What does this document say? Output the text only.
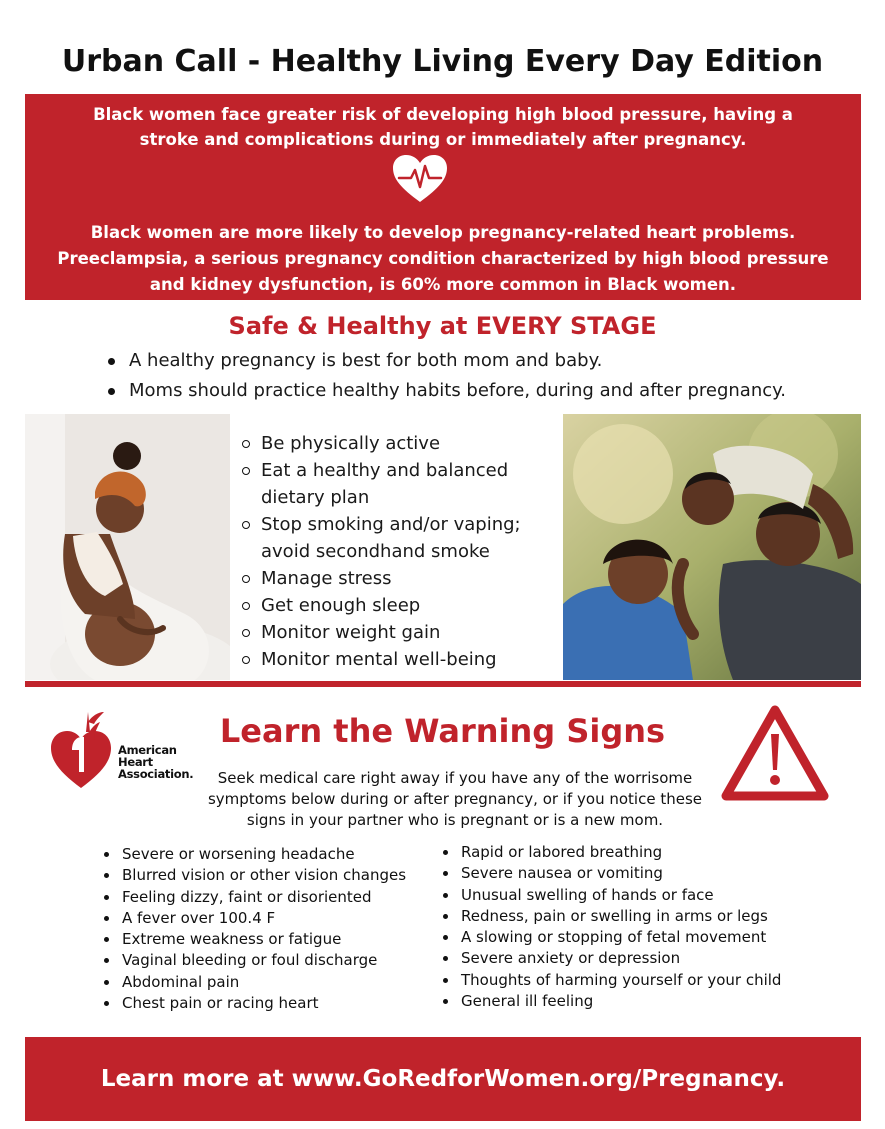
Urban Call - Healthy Living Every Day Edition
Black women face greater risk of developing high blood pressure, having a stroke and complications during or immediately after pregnancy.
Black women are more likely to develop pregnancy-related heart problems. Preeclampsia, a serious pregnancy condition characterized by high blood pressure and kidney dysfunction, is 60% more common in Black women.
Safe & Healthy at EVERY STAGE
A healthy pregnancy is best for both mom and baby.
Moms should practice healthy habits before, during and after pregnancy.
Be physically active
Eat a healthy and balanced dietary plan
Stop smoking and/or vaping; avoid secondhand smoke
Manage stress
Get enough sleep
Monitor weight gain
Monitor mental well-being
American
Heart
Association.
Learn the Warning Signs
Seek medical care right away if you have any of the worrisome symptoms below during or after pregnancy, or if you notice these signs in your partner who is pregnant or is a new mom.
Severe or worsening headache
Blurred vision or other vision changes
Feeling dizzy, faint or disoriented
A fever over 100.4 F
Extreme weakness or fatigue
Vaginal bleeding or foul discharge
Abdominal pain
Chest pain or racing heart
Rapid or labored breathing
Severe nausea or vomiting
Unusual swelling of hands or face
Redness, pain or swelling in arms or legs
A slowing or stopping of fetal movement
Severe anxiety or depression
Thoughts of harming yourself or your child
General ill feeling
Learn more at www.GoRedforWomen.org/Pregnancy.
